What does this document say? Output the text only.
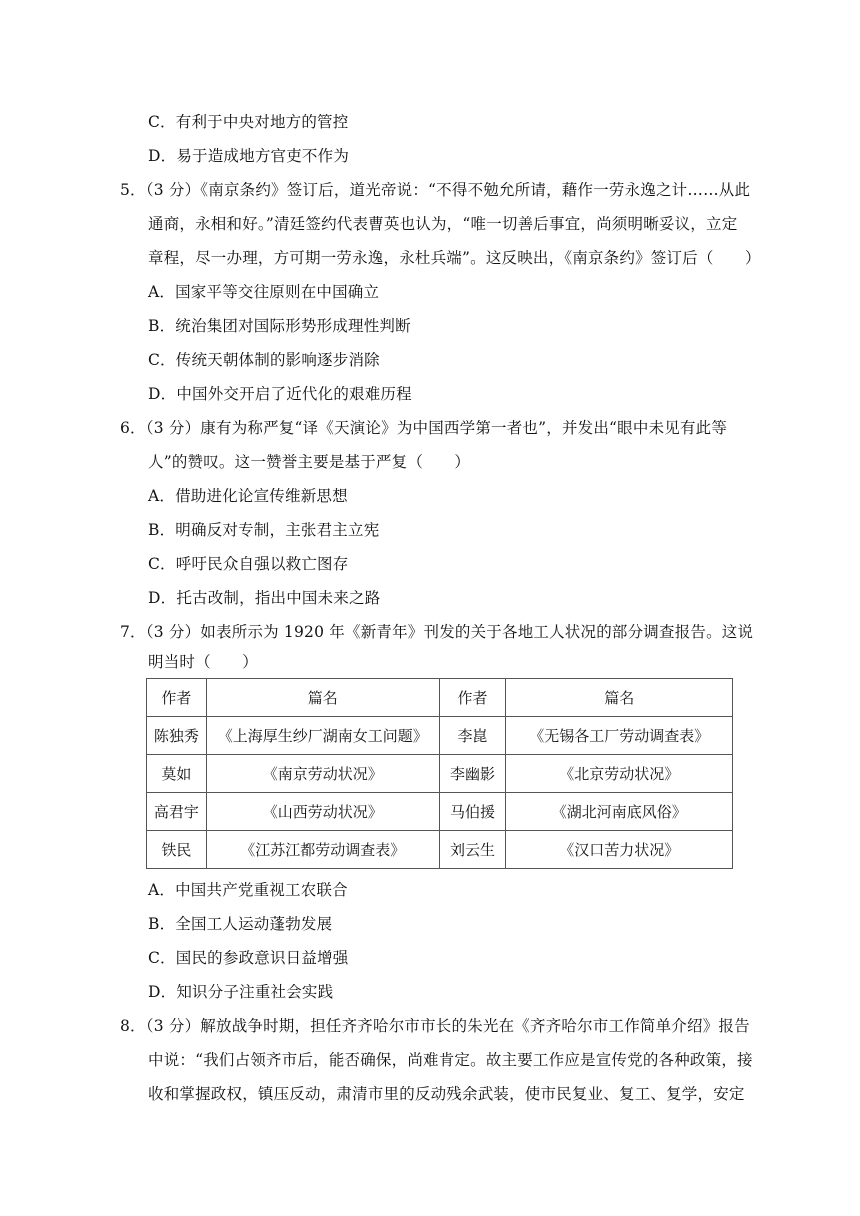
C．有利于中央对地方的管控
D．易于造成地方官吏不作为
5．（3 分）《南京条约》签订后，道光帝说：“不得不勉允所请，藉作一劳永逸之计……从此
通商，永相和好。”清廷签约代表曹英也认为，“唯一切善后事宜，尚须明晰妥议，立定
章程，尽一办理，方可期一劳永逸，永杜兵端”。这反映出，《南京条约》签订后（　　）
A．国家平等交往原则在中国确立
B．统治集团对国际形势形成理性判断
C．传统天朝体制的影响逐步消除
D．中国外交开启了近代化的艰难历程
6．（3 分）康有为称严复“译《天演论》为中国西学第一者也”，并发出“眼中未见有此等
人”的赞叹。这一赞誉主要是基于严复（　　）
A．借助进化论宣传维新思想
B．明确反对专制，主张君主立宪
C．呼吁民众自强以救亡图存
D．托古改制，指出中国未来之路
7．（3 分）如表所示为 1920 年《新青年》刊发的关于各地工人状况的部分调查报告。这说
明当时（　　）
作者	篇名	作者	篇名
陈独秀	《上海厚生纱厂湖南女工问题》	李崑	《无锡各工厂劳动调查表》
莫如	《南京劳动状况》	李幽影	《北京劳动状况》
高君宇	《山西劳动状况》	马伯援	《湖北河南底风俗》
铁民	《江苏江都劳动调查表》	刘云生	《汉口苦力状况》
A．中国共产党重视工农联合
B．全国工人运动蓬勃发展
C．国民的参政意识日益增强
D．知识分子注重社会实践
8．（3 分）解放战争时期，担任齐齐哈尔市市长的朱光在《齐齐哈尔市工作简单介绍》报告
中说：“我们占领齐市后，能否确保，尚难肯定。故主要工作应是宣传党的各种政策，接
收和掌握政权，镇压反动，肃清市里的反动残余武装，使市民复业、复工、复学，安定
